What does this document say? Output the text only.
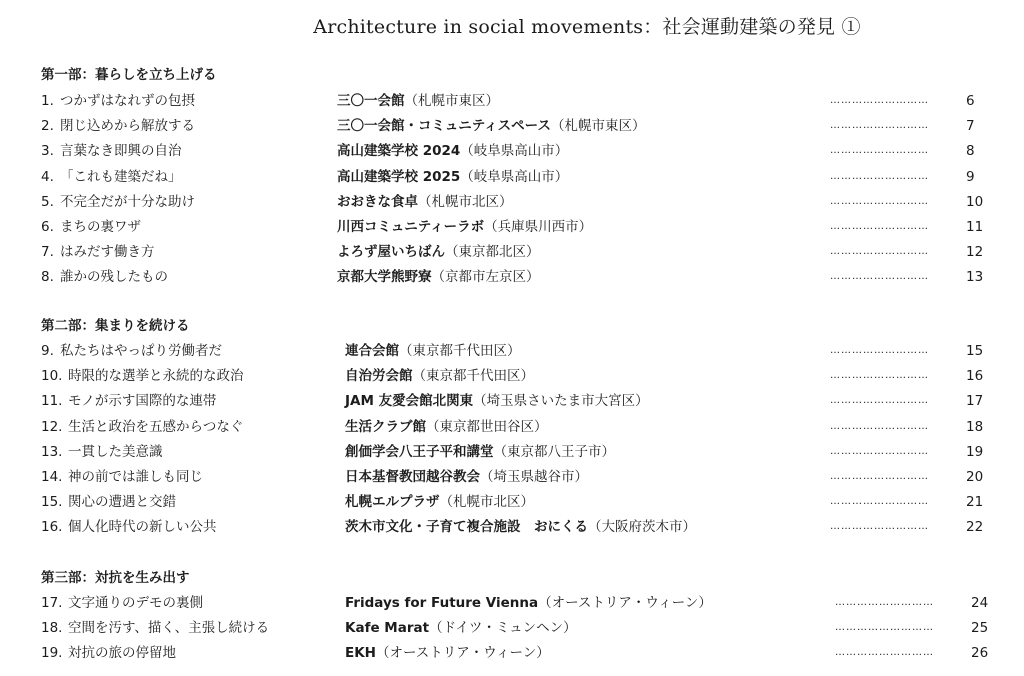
Architecture in social movements：社会運動建築の発見 ①
第一部：暮らしを立ち上げる
1. つかずはなれずの包摂	三〇一会館（札幌市東区）	………………………	6
2. 閉じ込めから解放する	三〇一会館・コミュニティスペース（札幌市東区）	………………………	7
3. 言葉なき即興の自治	高山建築学校 2024（岐阜県高山市）	………………………	8
4. 「これも建築だね」	高山建築学校 2025（岐阜県高山市）	………………………	9
5. 不完全だが十分な助け	おおきな食卓（札幌市北区）	………………………	10
6. まちの裏ワザ	川西コミュニティーラボ（兵庫県川西市）	………………………	11
7. はみだす働き方	よろず屋いちばん（東京都北区）	………………………	12
8. 誰かの残したもの	京都大学熊野寮（京都市左京区）	………………………	13
第二部：集まりを続ける
9. 私たちはやっぱり労働者だ	連合会館（東京都千代田区）	………………………	15
10. 時限的な選挙と永続的な政治	自治労会館（東京都千代田区）	………………………	16
11. モノが示す国際的な連帯	JAM 友愛会館北関東（埼玉県さいたま市大宮区）	………………………	17
12. 生活と政治を五感からつなぐ	生活クラブ館（東京都世田谷区）	………………………	18
13. 一貫した美意識	創価学会八王子平和講堂（東京都八王子市）	………………………	19
14. 神の前では誰しも同じ	日本基督教団越谷教会（埼玉県越谷市）	………………………	20
15. 関心の遭遇と交錯	札幌エルプラザ（札幌市北区）	………………………	21
16. 個人化時代の新しい公共	茨木市文化・子育て複合施設　おにくる（大阪府茨木市）	………………………	22
第三部：対抗を生み出す
17. 文字通りのデモの裏側	Fridays for Future Vienna（オーストリア・ウィーン）	………………………	24
18. 空間を汚す、描く、主張し続ける	Kafe Marat（ドイツ・ミュンヘン）	………………………	25
19. 対抗の旅の停留地	EKH（オーストリア・ウィーン）	………………………	26
